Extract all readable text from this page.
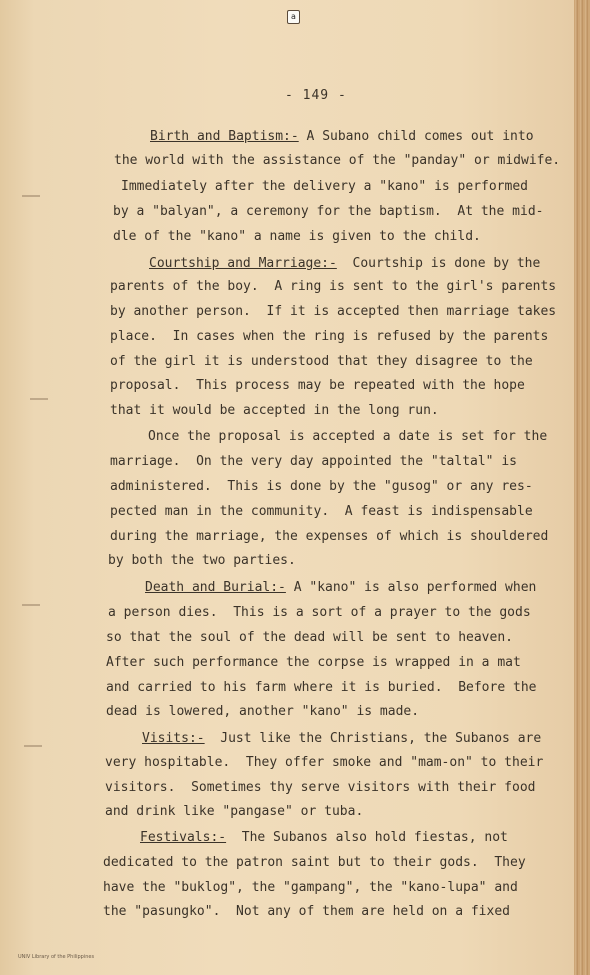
a
- 149 -
Birth and Baptism:- A Subano child comes out into
the world with the assistance of the "panday" or midwife.
Immediately after the delivery a "kano" is performed
by a "balyan", a ceremony for the baptism.  At the mid-
dle of the "kano" a name is given to the child.
Courtship and Marriage:-  Courtship is done by the
parents of the boy.  A ring is sent to the girl's parents
by another person.  If it is accepted then marriage takes
place.  In cases when the ring is refused by the parents
of the girl it is understood that they disagree to the
proposal.  This process may be repeated with the hope
that it would be accepted in the long run.
Once the proposal is accepted a date is set for the
marriage.  On the very day appointed the "taltal" is
administered.  This is done by the "gusog" or any res-
pected man in the community.  A feast is indispensable
during the marriage, the expenses of which is shouldered
by both the two parties.
Death and Burial:- A "kano" is also performed when
a person dies.  This is a sort of a prayer to the gods
so that the soul of the dead will be sent to heaven.
After such performance the corpse is wrapped in a mat
and carried to his farm where it is buried.  Before the
dead is lowered, another "kano" is made.
Visits:-  Just like the Christians, the Subanos are
very hospitable.  They offer smoke and "mam-on" to their
visitors.  Sometimes thy serve visitors with their food
and drink like "pangase" or tuba.
Festivals:-  The Subanos also hold fiestas, not
dedicated to the patron saint but to their gods.  They
have the "buklog", the "gampang", the "kano-lupa" and
the "pasungko".  Not any of them are held on a fixed
UNIV Library of the Philippines
